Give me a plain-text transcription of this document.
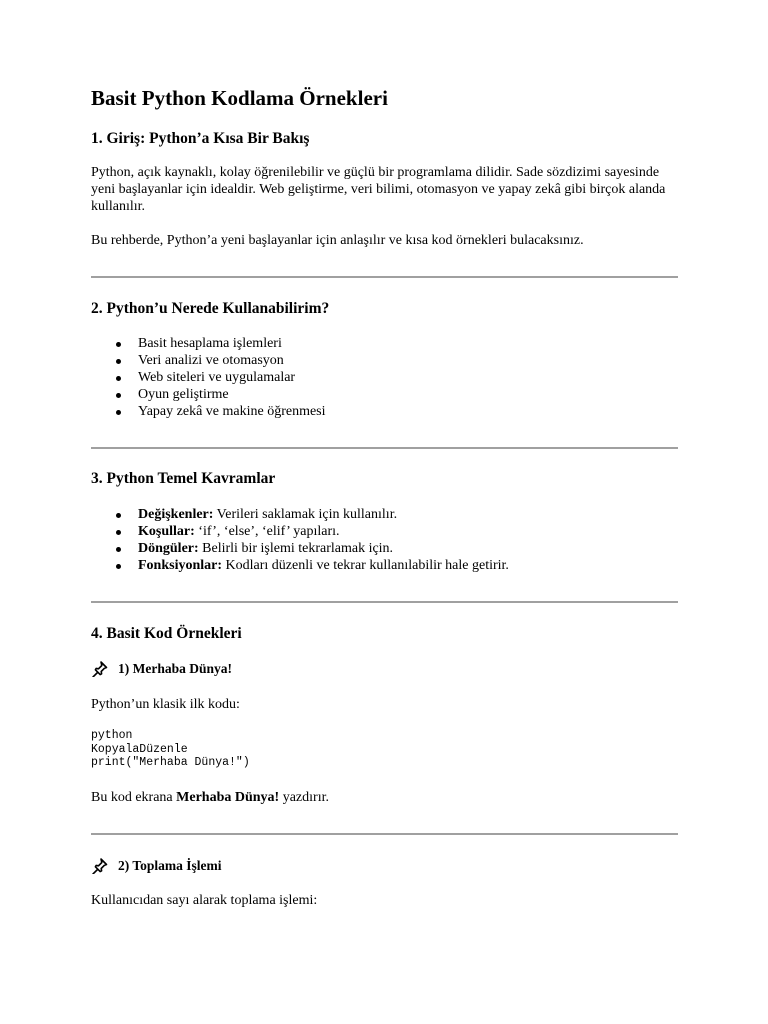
Basit Python Kodlama Örnekleri
1. Giriş: Python’a Kısa Bir Bakış

Python, açık kaynaklı, kolay öğrenilebilir ve güçlü bir programlama dilidir. Sade sözdizimi sayesinde yeni başlayanlar için idealdir. Web geliştirme, veri bilimi, otomasyon ve yapay zekâ gibi birçok alanda kullanılır.

Bu rehberde, Python’a yeni başlayanlar için anlaşılır ve kısa kod örnekleri bulacaksınız.

2. Python’u Nerede Kullanabilirim?
Basit hesaplama işlemleri
Veri analizi ve otomasyon
Web siteleri ve uygulamalar
Oyun geliştirme
Yapay zekâ ve makine öğrenmesi
3. Python Temel Kavramlar
Değişkenler: Verileri saklamak için kullanılır.
Koşullar: ‘if’, ‘else’, ‘elif’ yapıları.
Döngüler: Belirli bir işlemi tekrarlamak için.
Fonksiyonlar: Kodları düzenli ve tekrar kullanılabilir hale getirir.
4. Basit Kod Örnekleri
1) Merhaba Dünya!

Python’un klasik ilk kodu:

python
KopyalaDüzenle
print("Merhaba Dünya!")

Bu kod ekrana Merhaba Dünya! yazdırır.

2) Toplama İşlemi

Kullanıcıdan sayı alarak toplama işlemi:
